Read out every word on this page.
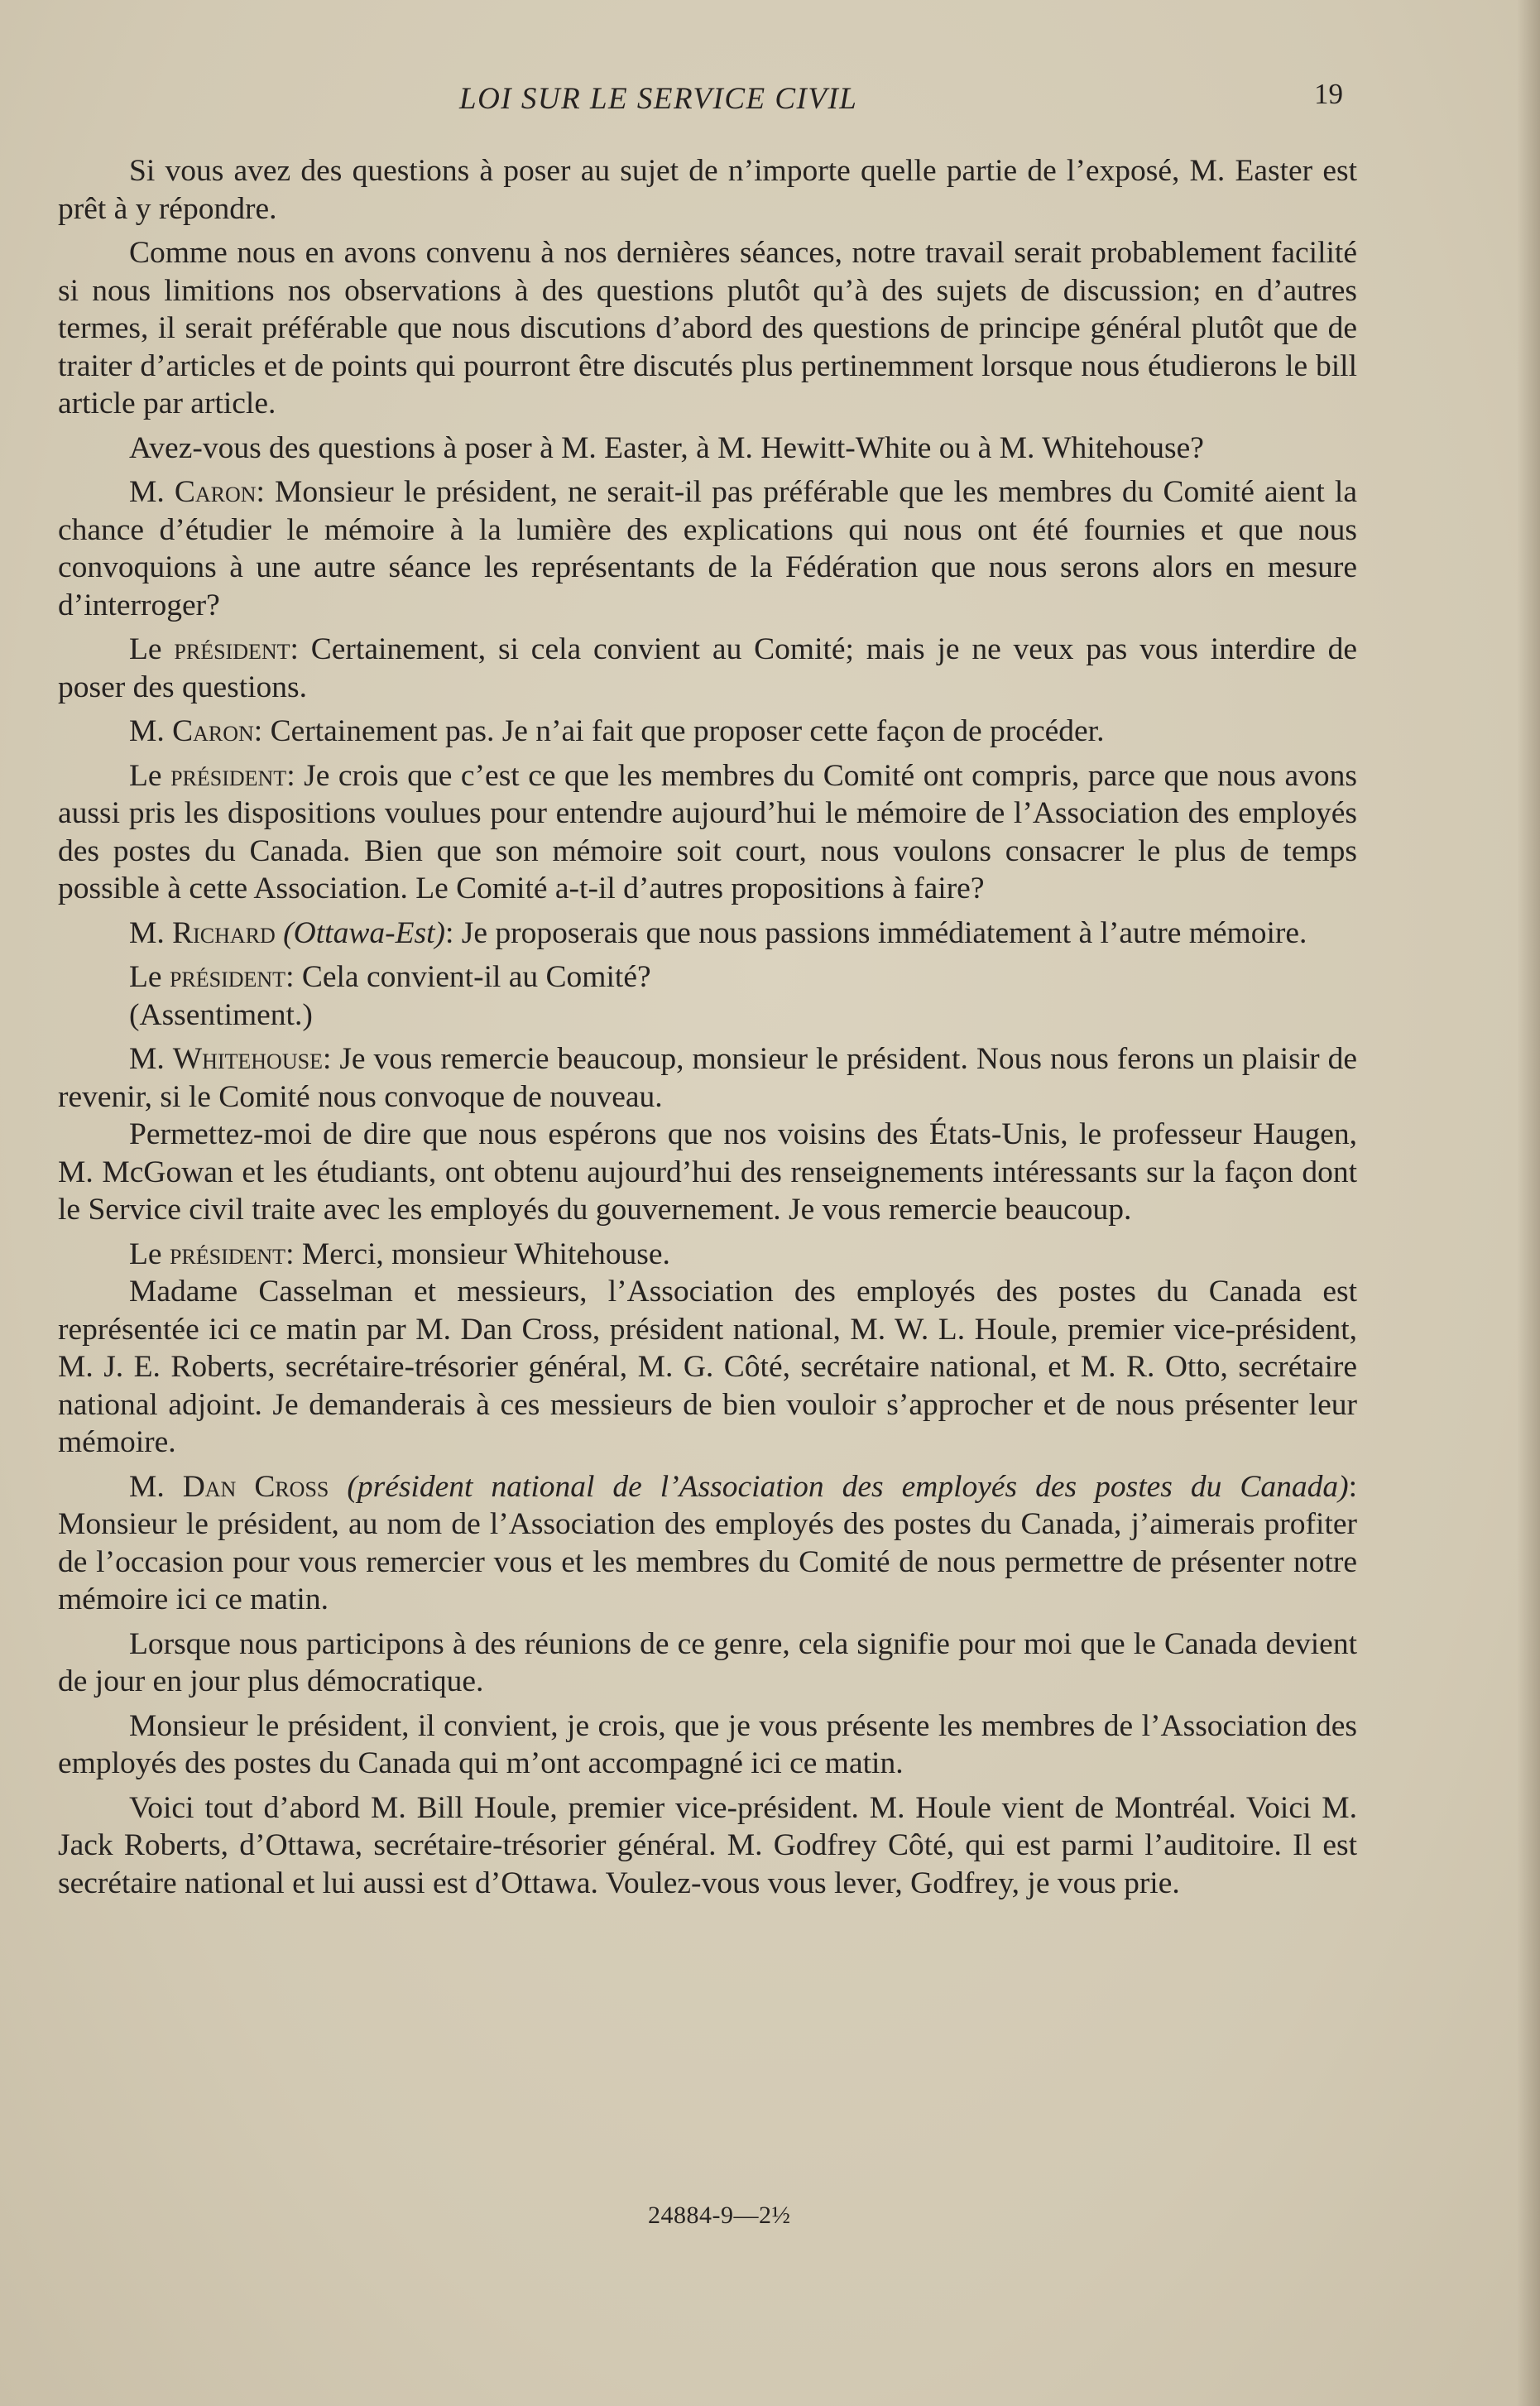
LOI SUR LE SERVICE CIVIL	19

Si vous avez des questions à poser au sujet de n’importe quelle partie de l’exposé, M. Easter est prêt à y répondre.

Comme nous en avons convenu à nos dernières séances, notre travail serait probablement facilité si nous limitions nos observations à des questions plutôt qu’à des sujets de discussion; en d’autres termes, il serait préférable que nous discutions d’abord des questions de principe général plutôt que de traiter d’articles et de points qui pourront être discutés plus pertinemment lorsque nous étudierons le bill article par article.

Avez-vous des questions à poser à M. Easter, à M. Hewitt-White ou à M. Whitehouse?

M. Caron: Monsieur le président, ne serait-il pas préférable que les membres du Comité aient la chance d’étudier le mémoire à la lumière des explications qui nous ont été fournies et que nous convoquions à une autre séance les représentants de la Fédération que nous serons alors en mesure d’interroger?

Le président: Certainement, si cela convient au Comité; mais je ne veux pas vous interdire de poser des questions.

M. Caron: Certainement pas. Je n’ai fait que proposer cette façon de procéder.

Le président: Je crois que c’est ce que les membres du Comité ont compris, parce que nous avons aussi pris les dispositions voulues pour entendre aujourd’hui le mémoire de l’Association des employés des postes du Canada. Bien que son mémoire soit court, nous voulons consacrer le plus de temps possible à cette Association. Le Comité a-t-il d’autres propositions à faire?

M. Richard (Ottawa-Est): Je proposerais que nous passions immédiatement à l’autre mémoire.

Le président: Cela convient-il au Comité?

(Assentiment.)

M. Whitehouse: Je vous remercie beaucoup, monsieur le président. Nous nous ferons un plaisir de revenir, si le Comité nous convoque de nouveau.

Permettez-moi de dire que nous espérons que nos voisins des États-Unis, le professeur Haugen, M. McGowan et les étudiants, ont obtenu aujourd’hui des renseignements intéressants sur la façon dont le Service civil traite avec les employés du gouvernement. Je vous remercie beaucoup.

Le président: Merci, monsieur Whitehouse.

Madame Casselman et messieurs, l’Association des employés des postes du Canada est représentée ici ce matin par M. Dan Cross, président national, M. W. L. Houle, premier vice-président, M. J. E. Roberts, secrétaire-trésorier général, M. G. Côté, secrétaire national, et M. R. Otto, secrétaire national adjoint. Je demanderais à ces messieurs de bien vouloir s’approcher et de nous présenter leur mémoire.

M. Dan Cross (président national de l’Association des employés des postes du Canada): Monsieur le président, au nom de l’Association des employés des postes du Canada, j’aimerais profiter de l’occasion pour vous remercier vous et les membres du Comité de nous permettre de présenter notre mémoire ici ce matin.

Lorsque nous participons à des réunions de ce genre, cela signifie pour moi que le Canada devient de jour en jour plus démocratique.

Monsieur le président, il convient, je crois, que je vous présente les membres de l’Association des employés des postes du Canada qui m’ont accompagné ici ce matin.

Voici tout d’abord M. Bill Houle, premier vice-président. M. Houle vient de Montréal. Voici M. Jack Roberts, d’Ottawa, secrétaire-trésorier général. M. Godfrey Côté, qui est parmi l’auditoire. Il est secrétaire national et lui aussi est d’Ottawa. Voulez-vous vous lever, Godfrey, je vous prie.

24884-9—2½
